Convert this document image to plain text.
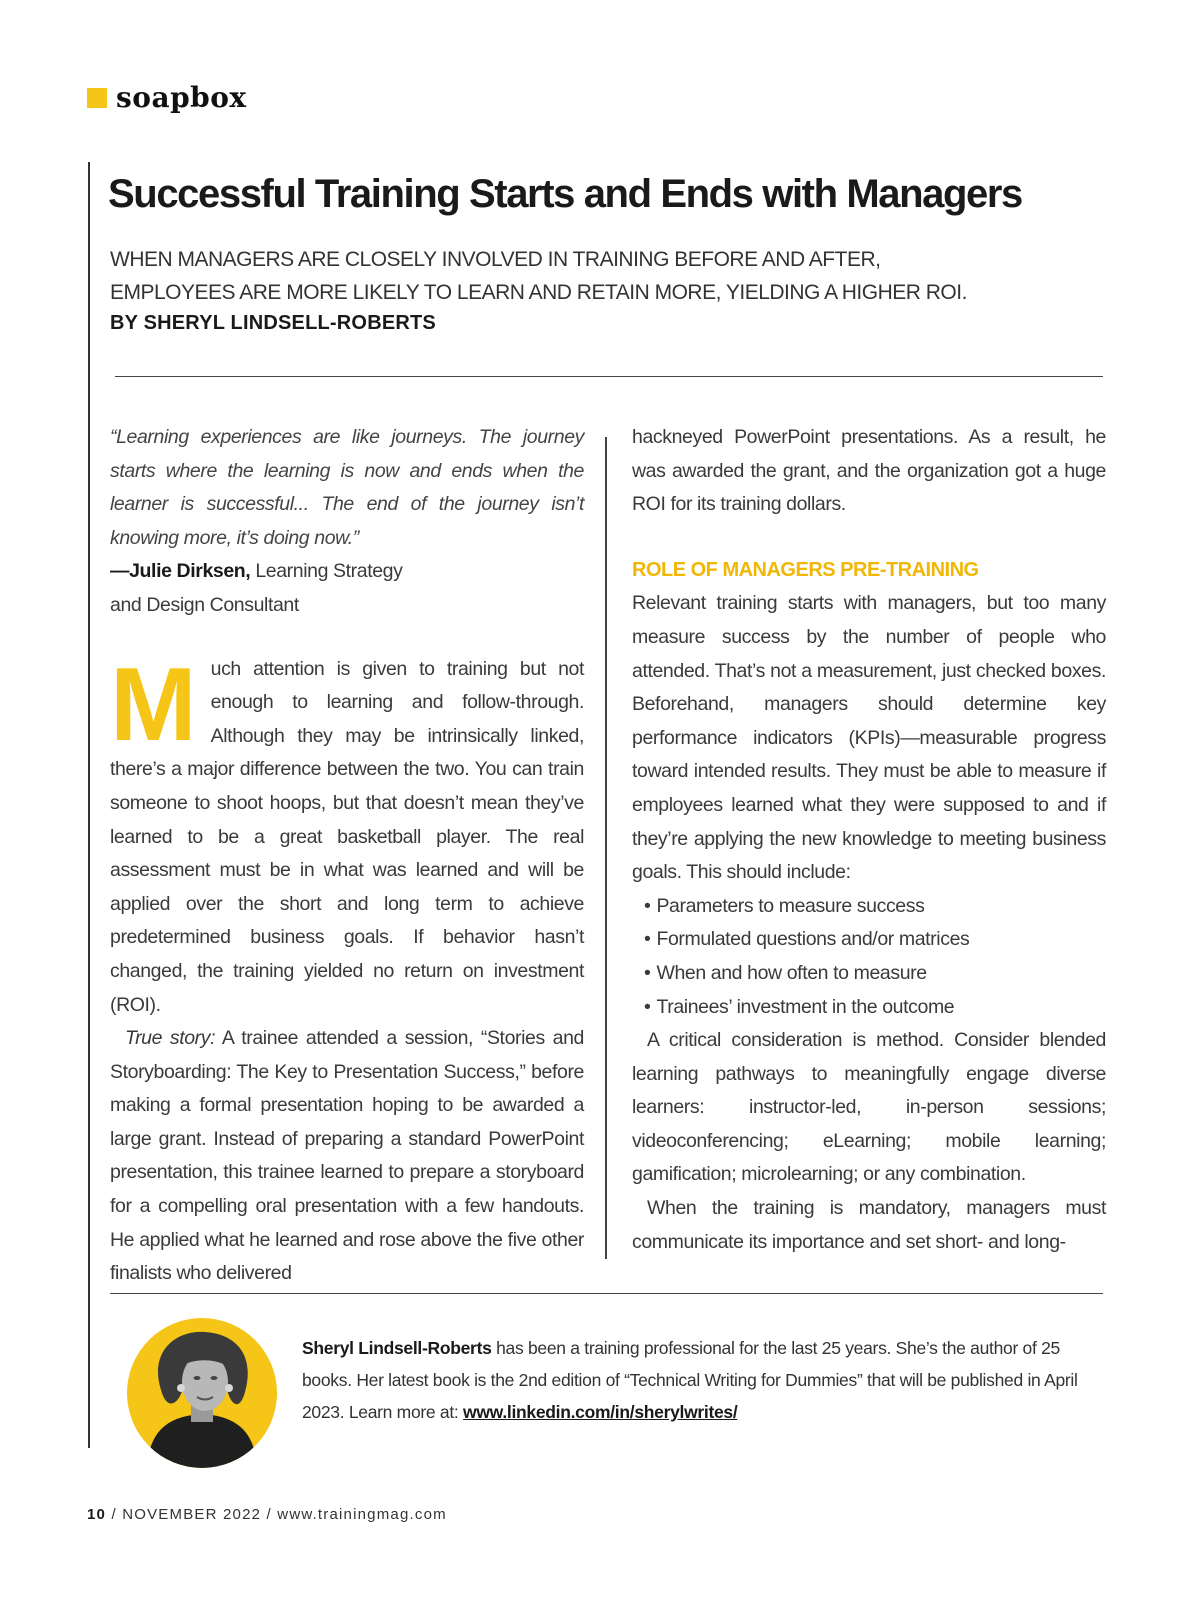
soapbox
Successful Training Starts and Ends with Managers

WHEN MANAGERS ARE CLOSELY INVOLVED IN TRAINING BEFORE AND AFTER,

EMPLOYEES ARE MORE LIKELY TO LEARN AND RETAIN MORE, YIELDING A HIGHER ROI.

BY SHERYL LINDSELL-ROBERTS

“Learning experiences are like journeys. The journey starts where the learning is now and ends when the learner is successful... The end of the journey isn’t knowing more, it’s doing now.”

—Julie Dirksen, Learning Strategy
and Design Consultant

Much attention is given to training but not enough to learning and follow-through. Although they may be intrinsically linked, there’s a major difference between the two. You can train someone to shoot hoops, but that doesn’t mean they’ve learned to be a great basketball player. The real assessment must be in what was learned and will be applied over the short and long term to achieve predetermined business goals. If behavior hasn’t changed, the training yielded no return on investment (ROI).

True story: A trainee attended a session, “Stories and Storyboarding: The Key to Presentation Success,” before making a formal presentation hoping to be awarded a large grant. Instead of preparing a standard PowerPoint presentation, this trainee learned to prepare a storyboard for a compelling oral presentation with a few handouts. He applied what he learned and rose above the five other finalists who delivered

hackneyed PowerPoint presentations. As a result, he was awarded the grant, and the organization got a huge ROI for its training dollars.

ROLE OF MANAGERS PRE-TRAINING

Relevant training starts with managers, but too many measure success by the number of people who attended. That’s not a measurement, just checked boxes. Beforehand, managers should determine key performance indicators (KPIs)—measurable progress toward intended results. They must be able to measure if employees learned what they were supposed to and if they’re applying the new knowledge to meeting business goals. This should include:

• Parameters to measure success
• Formulated questions and/or matrices
• When and how often to measure
• Trainees’ investment in the outcome

A critical consideration is method. Consider blended learning pathways to meaningfully engage diverse learners: instructor-led, in-person sessions; videoconferencing; eLearning; mobile learning; gamification; microlearning; or any combination.

When the training is mandatory, managers must communicate its importance and set short- and long-

Sheryl Lindsell-Roberts has been a training professional for the last 25 years. She’s the author of 25 books. Her latest book is the 2nd edition of “Technical Writing for Dummies” that will be published in April 2023. Learn more at: www.linkedin.com/in/sherylwrites/
10 / NOVEMBER 2022 / www.trainingmag.com
